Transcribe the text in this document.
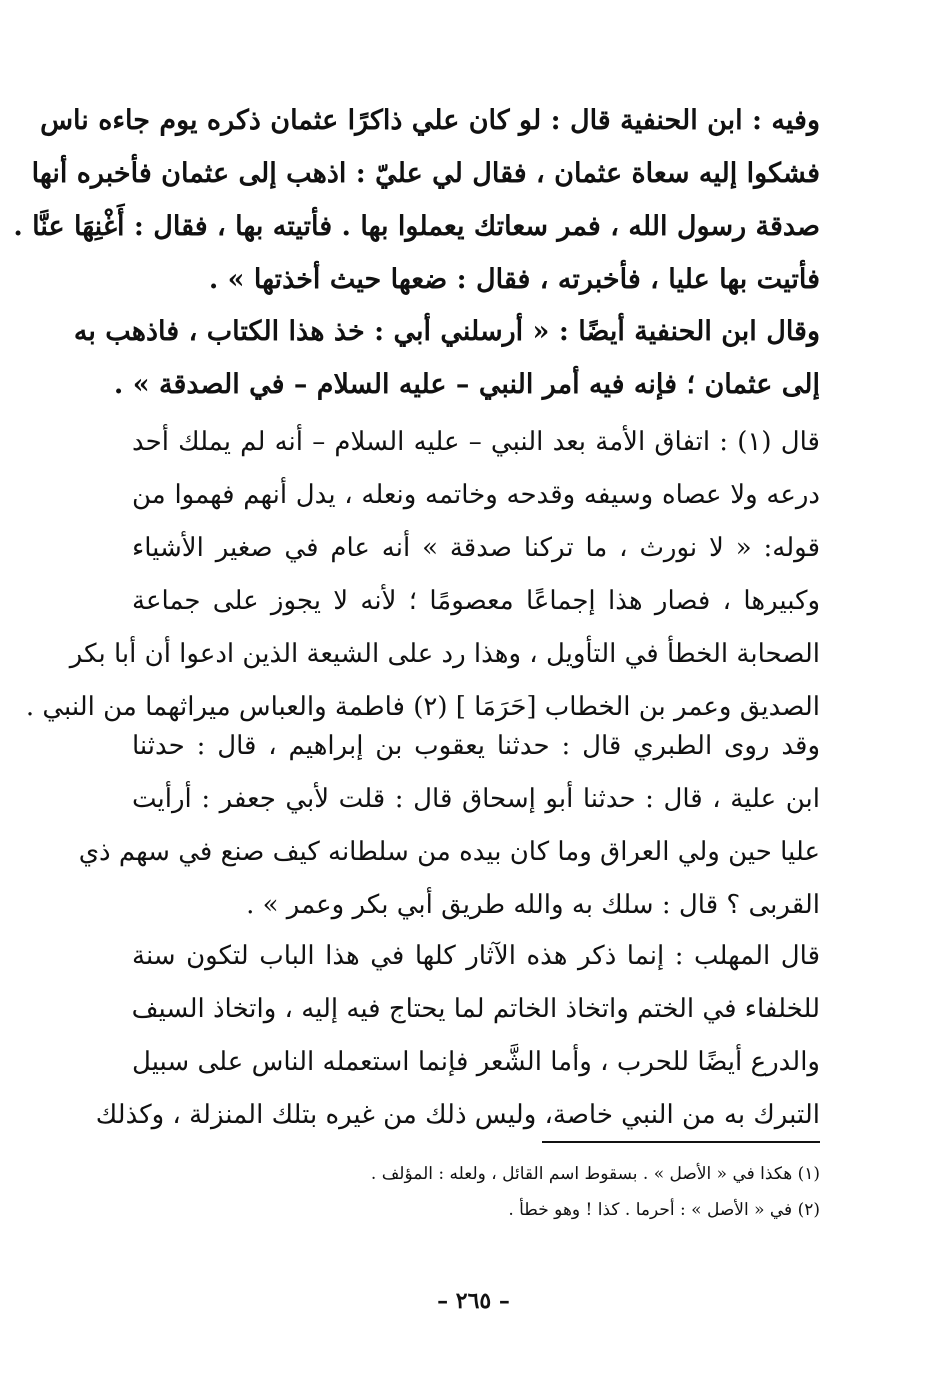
وفيه : ابن الحنفية قال : لو كان علي ذاكرًا عثمان ذكره يوم جاءه ناس
فشكوا إليه سعاة عثمان ، فقال لي عليّ : اذهب إلى عثمان فأخبره أنها
صدقة رسول الله ، فمر سعاتك يعملوا بها . فأتيته بها ، فقال : أَغْنِهَا عنَّا .
فأتيت بها عليا ، فأخبرته ، فقال : ضعها حيث أخذتها » .
وقال ابن الحنفية أيضًا : « أرسلني أبي : خذ هذا الكتاب ، فاذهب به
إلى عثمان ؛ فإنه فيه أمر النبي – عليه السلام – في الصدقة » .
قال (١) : اتفاق الأمة بعد النبي – عليه السلام – أنه لم يملك أحد
درعه ولا عصاه وسيفه وقدحه وخاتمه ونعله ، يدل أنهم فهموا من
قوله: « لا نورث ، ما تركنا صدقة » أنه عام في صغير الأشياء
وكبيرها ، فصار هذا إجماعًا معصومًا ؛ لأنه لا يجوز على جماعة
الصحابة الخطأ في التأويل ، وهذا رد على الشيعة الذين ادعوا أن أبا بكر
الصديق وعمر بن الخطاب [حَرَمَا ] (٢) فاطمة والعباس ميراثهما من النبي .
وقد روى الطبري قال : حدثنا يعقوب بن إبراهيم ، قال : حدثنا
ابن علية ، قال : حدثنا أبو إسحاق قال : قلت لأبي جعفر : أرأيت
عليا حين ولي العراق وما كان بيده من سلطانه كيف صنع في سهم ذي
القربى ؟ قال : سلك به والله طريق أبي بكر وعمر » .
قال المهلب : إنما ذكر هذه الآثار كلها في هذا الباب لتكون سنة
للخلفاء في الختم واتخاذ الخاتم لما يحتاج فيه إليه ، واتخاذ السيف
والدرع أيضًا للحرب ، وأما الشَّعر فإنما استعمله الناس على سبيل
التبرك به من النبي خاصة، وليس ذلك من غيره بتلك المنزلة ، وكذلك
(١) هكذا في « الأصل » . بسقوط اسم القائل ، ولعله : المؤلف .
(٢) في « الأصل » : أحرما . كذا ! وهو خطأ .
– ٢٦٥ –
